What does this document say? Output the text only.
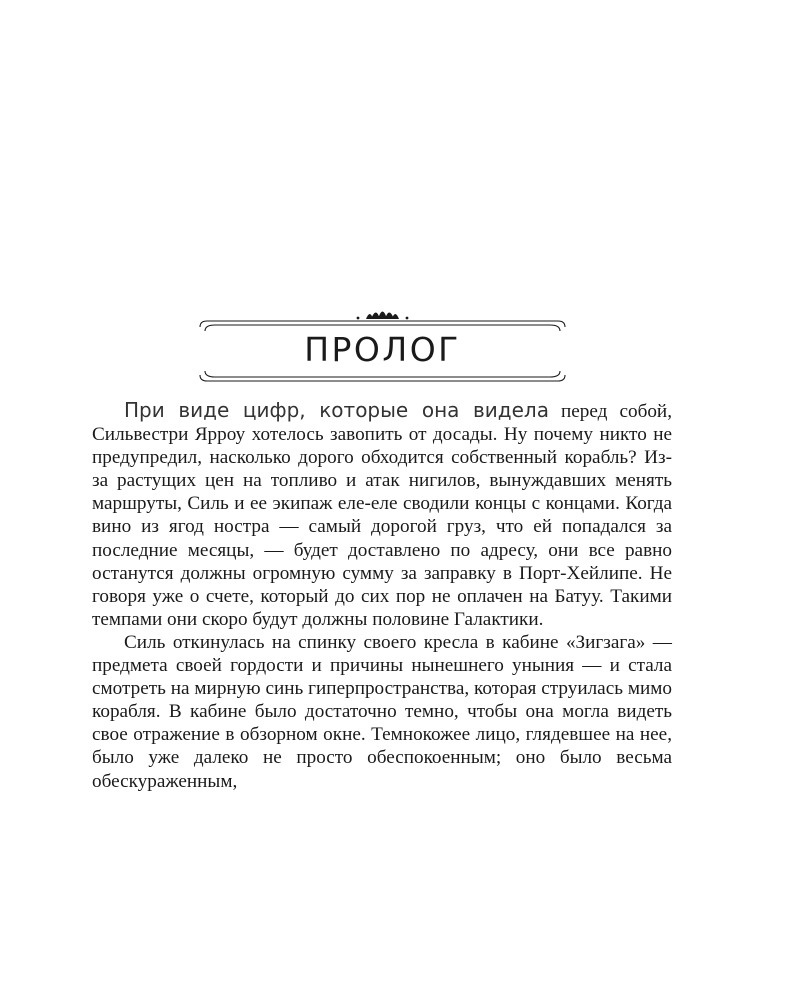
ПРОЛОГ

При виде цифр, которые она видела перед собой, Сильвестри Ярроу хотелось завопить от досады. Ну почему никто не предупредил, насколько дорого обходится собственный корабль? Из-за растущих цен на топливо и атак нигилов, вынуждавших менять маршруты, Силь и ее экипаж еле-еле сводили концы с концами. Когда вино из ягод ностра — самый дорогой груз, что ей попадался за последние месяцы, — будет доставлено по адресу, они все равно останутся должны огромную сумму за заправку в Порт-Хейлипе. Не говоря уже о счете, который до сих пор не оплачен на Батуу. Такими темпами они скоро будут должны половине Галактики.

Силь откинулась на спинку своего кресла в кабине «Зигзага» — предмета своей гордости и причины нынешнего уныния — и стала смотреть на мирную синь гиперпространства, которая струилась мимо корабля. В кабине было достаточно темно, чтобы она могла видеть свое отражение в обзорном окне. Темнокожее лицо, глядевшее на нее, было уже далеко не просто обеспокоенным; оно было весьма обескураженным,
